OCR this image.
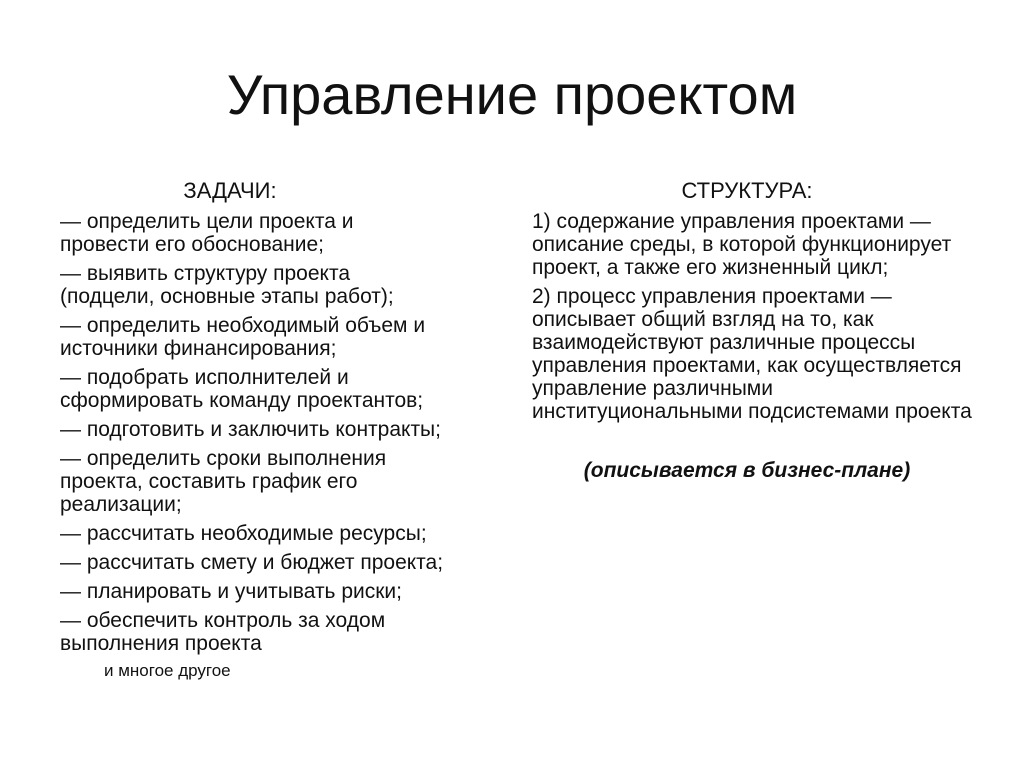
Управление проектом
ЗАДАЧИ:
— определить цели проекта и провести его обоснование;
— выявить структуру проекта (подцели, основные этапы работ);
— определить необходимый объем и источники финансирования;
— подобрать исполнителей и сформировать команду проектантов;
— подготовить и заключить контракты;
— определить сроки выполнения проекта, составить график его реализации;
— рассчитать необходимые ресурсы;
— рассчитать смету и бюджет проекта;
— планировать и учитывать риски;
— обеспечить контроль за ходом выполнения проекта
и многое другое
СТРУКТУРА:
1) содержание управления проектами — описание среды, в которой функционирует проект, а также его жизненный цикл;
2) процесс управления проектами — описывает общий взгляд на то, как взаимодействуют различные процессы управления проектами, как осуществляется управление различными институциональными подсистемами проекта
(описывается в бизнес-плане)
